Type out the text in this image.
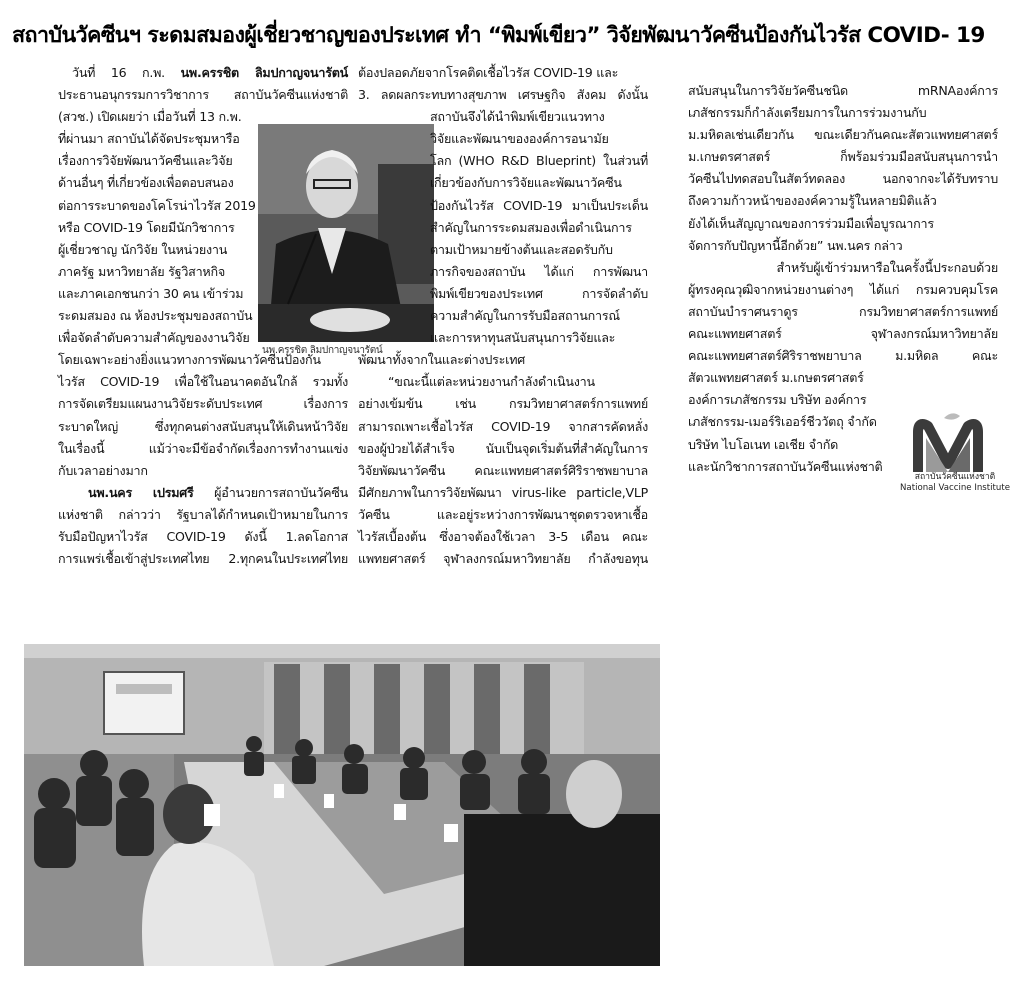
สถาบันวัคซีนฯ ระดมสมองผู้เชี่ยวชาญของประเทศ ทำ “พิมพ์เขียว” วิจัยพัฒนาวัคซีนป้องกันไวรัส COVID- 19

วันที่ 16 ก.พ. นพ.ครรชิต ลิมปกาญจนารัตน์

ประธานอนุกรรมการวิชาการ สถาบันวัคซีนแห่งชาติ

(สวช.) เปิดเผยว่า เมื่อวันที่ 13 ก.พ.

ที่ผ่านมา สถาบันได้จัดประชุมหารือ

เรื่องการวิจัยพัฒนาวัคซีนและวิจัย

ด้านอื่นๆ ที่เกี่ยวข้องเพื่อตอบสนอง

ต่อการระบาดของโคโรน่าไวรัส 2019

หรือ COVID-19 โดยมีนักวิชาการ

ผู้เชี่ยวชาญ นักวิจัย ในหน่วยงาน

ภาครัฐ มหาวิทยาลัย รัฐวิสาหกิจ

และภาคเอกชนกว่า 30 คน เข้าร่วม

ระดมสมอง ณ ห้องประชุมของสถาบัน

เพื่อจัดลำดับความสำคัญของงานวิจัย

โดยเฉพาะอย่างยิ่งแนวทางการพัฒนาวัคซีนป้องกัน

ไวรัส COVID-19 เพื่อใช้ในอนาคตอันใกล้ รวมทั้ง

การจัดเตรียมแผนงานวิจัยระดับประเทศ เรื่องการ

ระบาดใหญ่ ซึ่งทุกคนต่างสนับสนุนให้เดินหน้าวิจัย

ในเรื่องนี้ แม้ว่าจะมีข้อจำกัดเรื่องการทำงานแข่ง

กับเวลาอย่างมาก

นพ.นคร เปรมศรี ผู้อำนวยการสถาบันวัคซีน

แห่งชาติ กล่าวว่า รัฐบาลได้กำหนดเป้าหมายในการ

รับมือปัญหาไวรัส COVID-19 ดังนี้ 1.ลดโอกาส

การแพร่เชื้อเข้าสู่ประเทศไทย 2.ทุกคนในประเทศไทย

นพ.ครรชิต ลิมปกาญจนารัตน์

ต้องปลอดภัยจากโรคติดเชื้อไวรัส COVID-19 และ

3. ลดผลกระทบทางสุขภาพ เศรษฐกิจ สังคม ดังนั้น

สถาบันจึงได้นำพิมพ์เขียวแนวทาง

วิจัยและพัฒนาขององค์การอนามัย

โลก (WHO R&D Blueprint) ในส่วนที่

เกี่ยวข้องกับการวิจัยและพัฒนาวัคซีน

ป้องกันไวรัส COVID-19 มาเป็นประเด็น

สำคัญในการระดมสมองเพื่อดำเนินการ

ตามเป้าหมายข้างต้นและสอดรับกับ

ภารกิจของสถาบัน ได้แก่ การพัฒนา

พิมพ์เขียวของประเทศ การจัดลำดับ

ความสำคัญในการรับมือสถานการณ์

และการหาทุนสนับสนุนการวิจัยและ

พัฒนาทั้งจากในและต่างประเทศ

“ขณะนี้แต่ละหน่วยงานกำลังดำเนินงาน

อย่างเข้มข้น เช่น กรมวิทยาศาสตร์การแพทย์

สามารถเพาะเชื้อไวรัส COVID-19 จากสารคัดหลั่ง

ของผู้ป่วยได้สำเร็จ นับเป็นจุดเริ่มต้นที่สำคัญในการ

วิจัยพัฒนาวัคซีน คณะแพทยศาสตร์ศิริราชพยาบาล

มีศักยภาพในการวิจัยพัฒนา virus-like particle,VLP

วัคซีน และอยู่ระหว่างการพัฒนาชุดตรวจหาเชื้อ

ไวรัสเบื้องต้น ซึ่งอาจต้องใช้เวลา 3-5 เดือน คณะ

แพทยศาสตร์ จุฬาลงกรณ์มหาวิทยาลัย กำลังขอทุน

สนับสนุนในการวิจัยวัคซีนชนิด mRNAองค์การ

เภสัชกรรมก็กำลังเตรียมการในการร่วมงานกับ

ม.มหิดลเช่นเดียวกัน ขณะเดียวกันคณะสัตวแพทยศาสตร์

ม.เกษตรศาสตร์ ก็พร้อมร่วมมือสนับสนุนการนำ

วัคซีนไปทดสอบในสัตว์ทดลอง นอกจากจะได้รับทราบ

ถึงความก้าวหน้าขององค์ความรู้ในหลายมิติแล้ว

ยังได้เห็นสัญญาณของการร่วมมือเพื่อบูรณาการ

จัดการกับปัญหานี้อีกด้วย” นพ.นคร กล่าว

สำหรับผู้เข้าร่วมหารือในครั้งนี้ประกอบด้วย

ผู้ทรงคุณวุฒิจากหน่วยงานต่างๆ ได้แก่ กรมควบคุมโรค

สถาบันบำราศนราดูร กรมวิทยาศาสตร์การแพทย์

คณะแพทยศาสตร์ จุฬาลงกรณ์มหาวิทยาลัย

คณะแพทยศาสตร์ศิริราชพยาบาล ม.มหิดล คณะ

สัตวแพทยศาสตร์ ม.เกษตรศาสตร์

องค์การเภสัชกรรม บริษัท องค์การ

เภสัชกรรม-เมอร์ริเออร์ชีววัตถุ จำกัด

บริษัท ไบโอเนท เอเชีย จำกัด

และนักวิชาการสถาบันวัคซีนแห่งชาติ

สถาบันวัคซีนแห่งชาติ
National Vaccine Institute
